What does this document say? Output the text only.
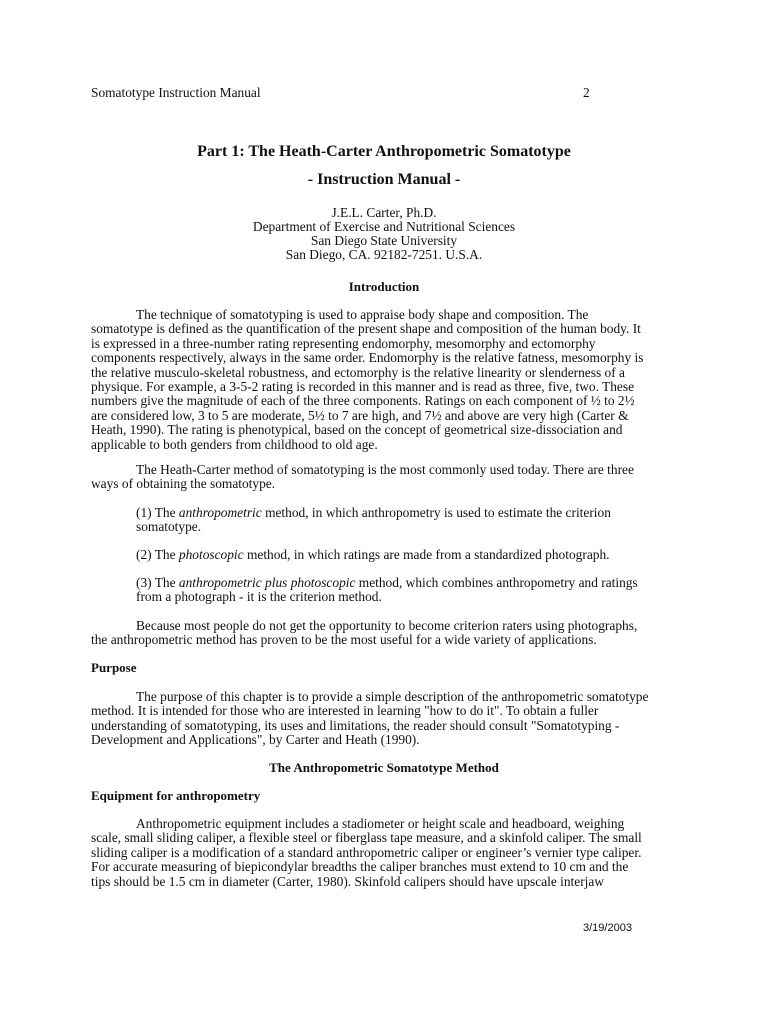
Somatotype Instruction Manual	2
Part 1: The Heath-Carter Anthropometric Somatotype
- Instruction Manual -
J.E.L. Carter, Ph.D.
Department of Exercise and Nutritional Sciences
San Diego State University
San Diego, CA. 92182-7251. U.S.A.
Introduction
The technique of somatotyping is used to appraise body shape and composition. The
somatotype is defined as the quantification of the present shape and composition of the human body. It
is expressed in a three-number rating representing endomorphy, mesomorphy and ectomorphy
components respectively, always in the same order. Endomorphy is the relative fatness, mesomorphy is
the relative musculo-skeletal robustness, and ectomorphy is the relative linearity or slenderness of a
physique. For example, a 3-5-2 rating is recorded in this manner and is read as three, five, two. These
numbers give the magnitude of each of the three components. Ratings on each component of ½ to 2½
are considered low, 3 to 5 are moderate, 5½ to 7 are high, and 7½ and above are very high (Carter &
Heath, 1990). The rating is phenotypical, based on the concept of geometrical size-dissociation and
applicable to both genders from childhood to old age.
The Heath-Carter method of somatotyping is the most commonly used today. There are three
ways of obtaining the somatotype.
(1) The anthropometric method, in which anthropometry is used to estimate the criterion
somatotype.
(2) The photoscopic method, in which ratings are made from a standardized photograph.
(3) The anthropometric plus photoscopic method, which combines anthropometry and ratings
from a photograph - it is the criterion method.
Because most people do not get the opportunity to become criterion raters using photographs,
the anthropometric method has proven to be the most useful for a wide variety of applications.
Purpose
The purpose of this chapter is to provide a simple description of the anthropometric somatotype
method. It is intended for those who are interested in learning "how to do it". To obtain a fuller
understanding of somatotyping, its uses and limitations, the reader should consult "Somatotyping -
Development and Applications", by Carter and Heath (1990).
The Anthropometric Somatotype Method
Equipment for anthropometry
Anthropometric equipment includes a stadiometer or height scale and headboard, weighing
scale, small sliding caliper, a flexible steel or fiberglass tape measure, and a skinfold caliper. The small
sliding caliper is a modification of a standard anthropometric caliper or engineer’s vernier type caliper.
For accurate measuring of biepicondylar breadths the caliper branches must extend to 10 cm and the
tips should be 1.5 cm in diameter (Carter, 1980). Skinfold calipers should have upscale interjaw
3/19/2003
